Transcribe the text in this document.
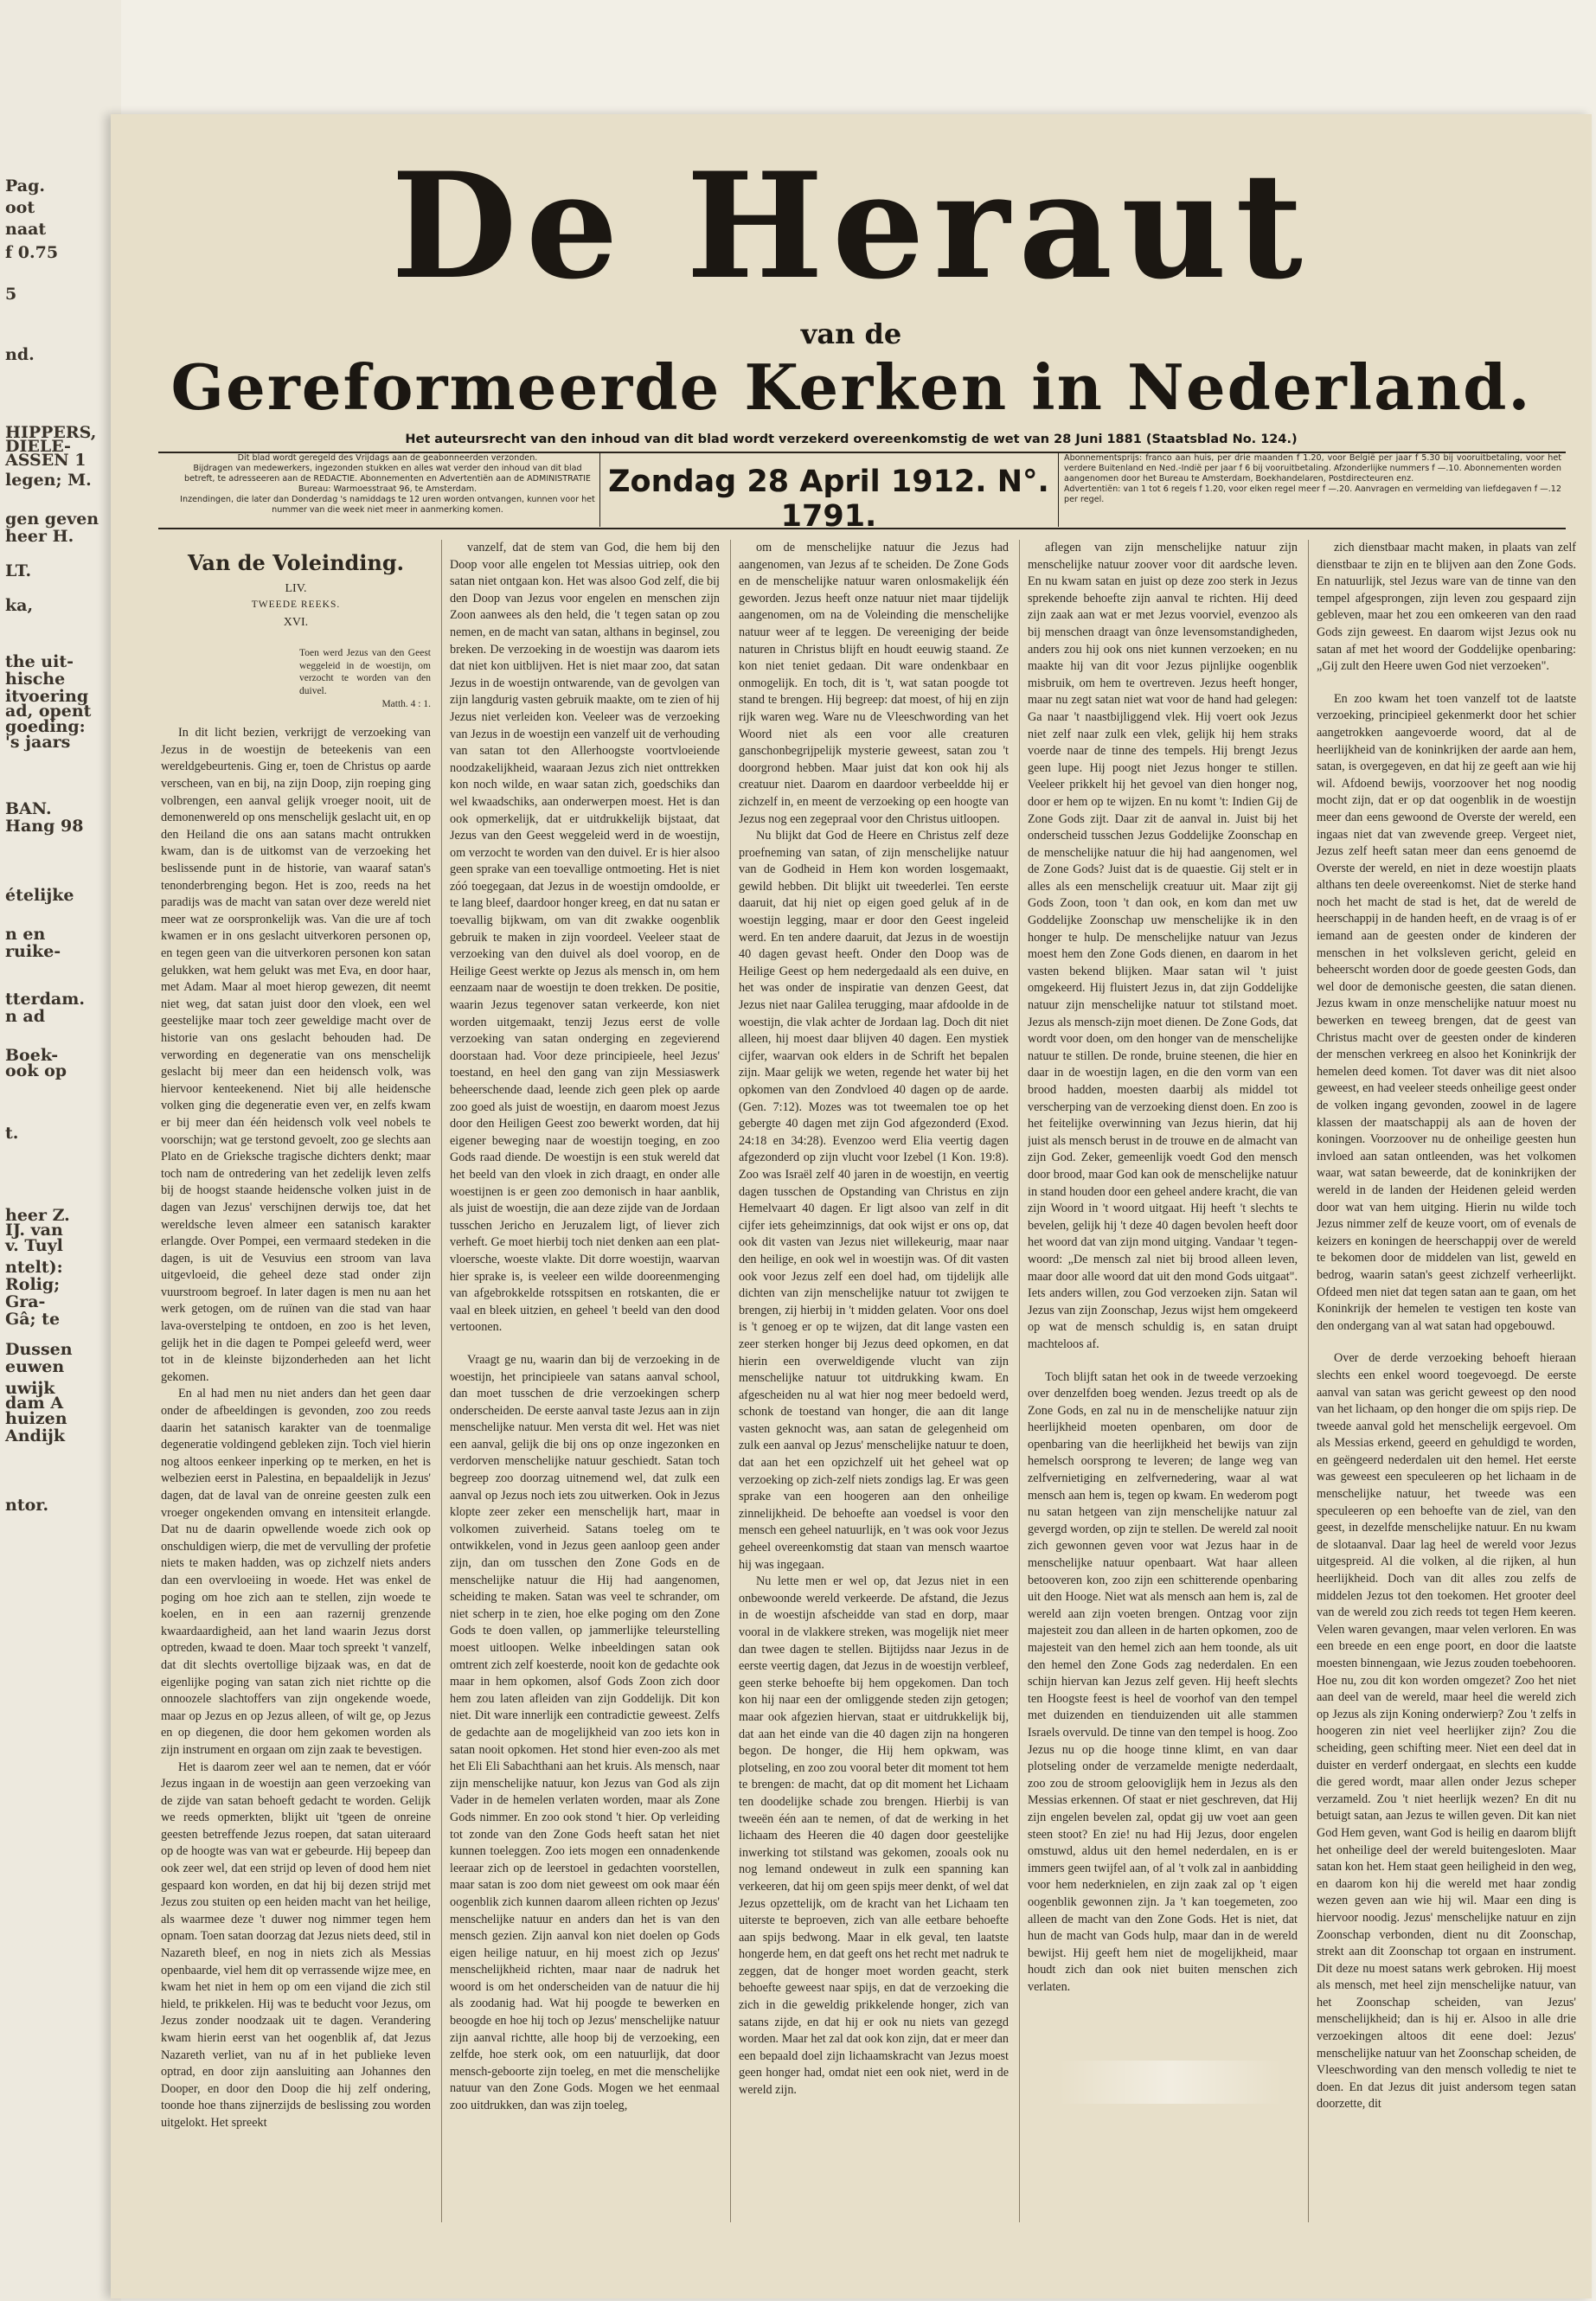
Pag.
oot
naat
f 0.75
5
nd.
HIPPERS,
DIELE-
ASSEN 1
legen; M.
gen geven
heer H.
LT.
ka,
the uit-
hische
itvoering
ad, opent
goeding:
's jaars
BAN.
Hang 98
ételijke
n en
ruike-
tterdam.
n ad
Boek-
ook op
t.
heer Z.
IJ. van
v. Tuyl
ntelt):
Rolig;
Gra-
Gâ; te
Dussen
euwen
uwijk
dam A
huizen
Andijk
ntor.
De Heraut
van de
Gereformeerde Kerken in Nederland.
Het auteursrecht van den inhoud van dit blad wordt verzekerd overeenkomstig de wet van 28 Juni 1881 (Staatsblad No. 124.)

Dit blad wordt geregeld des Vrijdags aan de geabonneerden verzonden.

Bijdragen van medewerkers, ingezonden stukken en alles wat verder den inhoud van dit blad betreft, te adresseeren aan de REDACTIE. Abonnementen en Advertentiën aan de ADMINISTRATIE Bureau: Warmoesstraat 96, te Amsterdam.

Inzendingen, die later dan Donderdag 's namiddags te 12 uren worden ontvangen, kunnen voor het nummer van die week niet meer in aanmerking komen.

Zondag 28 April 1912. N°. 1791.

Abonnementsprijs: franco aan huis, per drie maanden f 1.20, voor België per jaar f 5.30 bij vooruitbetaling, voor het verdere Buitenland en Ned.-Indië per jaar f 6 bij vooruitbetaling. Afzonderlijke nummers f —.10. Abonnementen worden aangenomen door het Bureau te Amsterdam, Boekhandelaren, Postdirecteuren enz.

Advertentiën: van 1 tot 6 regels f 1.20, voor elken regel meer f —.20. Aanvragen en vermelding van liefdegaven f —.12 per regel.

Van de Voleinding.
LIV.
TWEEDE REEKS.
XVI.
Toen werd Jezus van den Geest weggeleid in de woestijn, om verzocht te worden van den duivel.
Matth. 4 : 1.

In dit licht bezien, verkrijgt de verzoeking van Jezus in de woestijn de beteekenis van een wereldgebeurtenis. Ging er, toen de Christus op aarde verscheen, van en bij, na zijn Doop, zijn roeping ging volbrengen, een aanval gelijk vroeger nooit, uit de demonenwereld op ons menschelijk geslacht uit, en op den Heiland die ons aan satans macht ontrukken kwam, dan is de uitkomst van de verzoeking het beslissende punt in de historie, van waaraf satan's tenonderbrenging begon. Het is zoo, reeds na het paradijs was de macht van satan over deze wereld niet meer wat ze oorspronkelijk was. Van die ure af toch kwamen er in ons geslacht uitverkoren personen op, en tegen geen van die uitverkoren personen kon satan gelukken, wat hem gelukt was met Eva, en door haar, met Adam. Maar al moet hierop gewezen, dit neemt niet weg, dat satan juist door den vloek, een wel geestelijke maar toch zeer geweldige macht over de historie van ons geslacht behouden had. De verwording en degeneratie van ons menschelijk geslacht bij meer dan een heidensch volk, was hiervoor kenteekenend. Niet bij alle heidensche volken ging die degeneratie even ver, en zelfs kwam er bij meer dan één heidensch volk veel nobels te voorschijn; wat ge terstond gevoelt, zoo ge slechts aan Plato en de Grieksche tragische dichters denkt; maar toch nam de ontredering van het zedelijk leven zelfs bij de hoogst staande heidensche volken juist in de dagen van Jezus' verschijnen derwijs toe, dat het wereldsche leven almeer een satanisch karakter erlangde. Over Pompei, een vermaard stedeken in die dagen, is uit de Vesuvius een stroom van lava uitgevloeid, die geheel deze stad onder zijn vuurstroom begroef. In later dagen is men nu aan het werk getogen, om de ruïnen van die stad van haar lava-overstelping te ontdoen, en zoo is het leven, gelijk het in die dagen te Pompei geleefd werd, weer tot in de kleinste bijzonderheden aan het licht gekomen.

En al had men nu niet anders dan het geen daar onder de afbeeldingen is gevonden, zoo zou reeds daarin het satanisch karakter van de toenmalige degeneratie voldingend gebleken zijn. Toch viel hierin nog altoos eenkeer inperking op te merken, en het is welbezien eerst in Palestina, en bepaaldelijk in Jezus' dagen, dat de laval van de onreine geesten zulk een vroeger ongekenden omvang en intensiteit erlangde. Dat nu de daarin opwellende woede zich ook op onschuldigen wierp, die met de vervulling der profetie niets te maken hadden, was op zichzelf niets anders dan een overvloeiing in woede. Het was enkel de poging om hoe zich aan te stellen, zijn woede te koelen, en in een aan razernij grenzende kwaardaardigheid, aan het land waarin Jezus dorst optreden, kwaad te doen. Maar toch spreekt 't vanzelf, dat dit slechts overtollige bijzaak was, en dat de eigenlijke poging van satan zich niet richtte op die onnoozele slachtoffers van zijn ongekende woede, maar op Jezus en op Jezus alleen, of wilt ge, op Jezus en op diegenen, die door hem gekomen worden als zijn instrument en orgaan om zijn zaak te bevestigen.

Het is daarom zeer wel aan te nemen, dat er vóór Jezus ingaan in de woestijn aan geen verzoeking van de zijde van satan behoeft gedacht te worden. Gelijk we reeds opmerkten, blijkt uit 'tgeen de onreine geesten betreffende Jezus roepen, dat satan uiteraard op de hoogte was van wat er gebeurde. Hij bepeep dan ook zeer wel, dat een strijd op leven of dood hem niet gespaard kon worden, en dat hij bij dezen strijd met Jezus zou stuiten op een heiden macht van het heilige, als waarmee deze 't duwer nog nimmer tegen hem opnam. Toen satan doorzag dat Jezus niets deed, stil in Nazareth bleef, en nog in niets zich als Messias openbaarde, viel hem dit op verrassende wijze mee, en kwam het niet in hem op om een vijand die zich stil hield, te prikkelen. Hij was te beducht voor Jezus, om Jezus zonder noodzaak uit te dagen. Verandering kwam hierin eerst van het oogenblik af, dat Jezus Nazareth verliet, van nu af in het publieke leven optrad, en door zijn aansluiting aan Johannes den Dooper, en door den Doop die hij zelf ondering, toonde hoe thans zijnerzijds de beslissing zou worden uitgelokt. Het spreekt

vanzelf, dat de stem van God, die hem bij den Doop voor alle engelen tot Messias uitriep, ook den satan niet ontgaan kon. Het was alsoo God zelf, die bij den Doop van Jezus voor engelen en menschen zijn Zoon aanwees als den held, die 't tegen satan op zou nemen, en de macht van satan, althans in beginsel, zou breken. De verzoeking in de woestijn was daarom iets dat niet kon uitblijven. Het is niet maar zoo, dat satan Jezus in de woestijn ontwarende, van de gevolgen van zijn langdurig vasten gebruik maakte, om te zien of hij Jezus niet verleiden kon. Veeleer was de verzoeking van Jezus in de woestijn een vanzelf uit de verhouding van satan tot den Allerhoogste voortvloeiende noodzakelijkheid, waaraan Jezus zich niet onttrekken kon noch wilde, en waar satan zich, goedschiks dan wel kwaadschiks, aan onderwerpen moest. Het is dan ook opmerkelijk, dat er uitdrukkelijk bijstaat, dat Jezus van den Geest weggeleid werd in de woestijn, om verzocht te worden van den duivel. Er is hier alsoo geen sprake van een toevallige ontmoeting. Het is niet zóó toegegaan, dat Jezus in de woestijn omdoolde, er te lang bleef, daardoor honger kreeg, en dat nu satan er toevallig bijkwam, om van dit zwakke oogenblik gebruik te maken in zijn voordeel. Veeleer staat de verzoeking van den duivel als doel voorop, en de Heilige Geest werkte op Jezus als mensch in, om hem eenzaam naar de woestijn te doen trekken. De positie, waarin Jezus tegenover satan verkeerde, kon niet worden uitgemaakt, tenzij Jezus eerst de volle verzoeking van satan onderging en zegevierend doorstaan had. Voor deze principieele, heel Jezus' toestand, en heel den gang van zijn Messiaswerk beheerschende daad, leende zich geen plek op aarde zoo goed als juist de woestijn, en daarom moest Jezus door den Heiligen Geest zoo bewerkt worden, dat hij eigener beweging naar de woestijn toeging, en zoo Gods raad diende. De woestijn is een stuk wereld dat het beeld van den vloek in zich draagt, en onder alle woestijnen is er geen zoo demonisch in haar aanblik, als juist de woestijn, die aan deze zijde van de Jordaan tusschen Jericho en Jeruzalem ligt, of liever zich verheft. Ge moet hierbij toch niet denken aan een plat-vloersche, woeste vlakte. Dit dorre woestijn, waarvan hier sprake is, is veeleer een wilde dooreenmenging van afgebrokkelde rotsspitsen en rotskanten, die er vaal en bleek uitzien, en geheel 't beeld van den dood vertoonen.

Vraagt ge nu, waarin dan bij de verzoeking in de woestijn, het principieele van satans aanval school, dan moet tusschen de drie verzoekingen scherp onderscheiden. De eerste aanval taste Jezus aan in zijn menschelijke natuur. Men versta dit wel. Het was niet een aanval, gelijk die bij ons op onze ingezonken en verdorven menschelijke natuur geschiedt. Satan toch begreep zoo doorzag uitnemend wel, dat zulk een aanval op Jezus noch iets zou uitwerken. Ook in Jezus klopte zeer zeker een menschelijk hart, maar in volkomen zuiverheid. Satans toeleg om te ontwikkelen, vond in Jezus geen aanloop geen ander zijn, dan om tusschen den Zone Gods en de menschelijke natuur die Hij had aangenomen, scheiding te maken. Satan was veel te schrander, om niet scherp in te zien, hoe elke poging om den Zone Gods te doen vallen, op jammerlijke teleurstelling moest uitloopen. Welke inbeeldingen satan ook omtrent zich zelf koesterde, nooit kon de gedachte ook maar in hem opkomen, alsof Gods Zoon zich door hem zou laten afleiden van zijn Goddelijk. Dit kon niet. Dit ware innerlijk een contradictie geweest. Zelfs de gedachte aan de mogelijkheid van zoo iets kon in satan nooit opkomen. Het stond hier even-zoo als met het Eli Eli Sabachthani aan het kruis. Als mensch, naar zijn menschelijke natuur, kon Jezus van God als zijn Vader in de hemelen verlaten worden, maar als Zone Gods nimmer. En zoo ook stond 't hier. Op verleiding tot zonde van den Zone Gods heeft satan het niet kunnen toeleggen. Zoo iets mogen een onnadenkende leeraar zich op de leerstoel in gedachten voorstellen, maar satan is zoo dom niet geweest om ook maar één oogenblik zich kunnen daarom alleen richten op Jezus' menschelijke natuur en anders dan het is van den mensch gezien. Zijn aanval kon niet doelen op Gods eigen heilige natuur, en hij moest zich op Jezus' menschelijkheid richten, maar naar de nadruk het woord is om het onderscheiden van de natuur die hij als zoodanig had. Wat hij poogde te bewerken en beoogde en hoe hij toch op Jezus' menschelijke natuur zijn aanval richtte, alle hoop bij de verzoeking, een zelfde, hoe sterk ook, om een natuurlijk, dat door mensch-geboorte zijn toeleg, en met die menschelijke natuur van den Zone Gods. Mogen we het eenmaal zoo uitdrukken, dan was zijn toeleg,

om de menschelijke natuur die Jezus had aangenomen, van Jezus af te scheiden. De Zone Gods en de menschelijke natuur waren onlosmakelijk één geworden. Jezus heeft onze natuur niet maar tijdelijk aangenomen, om na de Voleinding die menschelijke natuur weer af te leggen. De vereeniging der beide naturen in Christus blijft en houdt eeuwig staand. Ze kon niet teniet gedaan. Dit ware ondenkbaar en onmogelijk. En toch, dit is 't, wat satan poogde tot stand te brengen. Hij begreep: dat moest, of hij en zijn rijk waren weg. Ware nu de Vleeschwording van het Woord niet als een voor alle creaturen ganschonbegrijpelijk mysterie geweest, satan zou 't doorgrond hebben. Maar juist dat kon ook hij als creatuur niet. Daarom en daardoor verbeeldde hij er zichzelf in, en meent de verzoeking op een hoogte van Jezus nog een zegepraal voor den Christus uitloopen.

Nu blijkt dat God de Heere en Christus zelf deze proefneming van satan, of zijn menschelijke natuur van de Godheid in Hem kon worden losgemaakt, gewild hebben. Dit blijkt uit tweederlei. Ten eerste daaruit, dat hij niet op eigen goed geluk af in de woestijn legging, maar er door den Geest ingeleid werd. En ten andere daaruit, dat Jezus in de woestijn 40 dagen gevast heeft. Onder den Doop was de Heilige Geest op hem nedergedaald als een duive, en het was onder de inspiratie van denzen Geest, dat Jezus niet naar Galilea terugging, maar afdoolde in de woestijn, die vlak achter de Jordaan lag. Doch dit niet alleen, hij moest daar blijven 40 dagen. Een mystiek cijfer, waarvan ook elders in de Schrift het bepalen zijn. Maar gelijk we weten, regende het water bij het opkomen van den Zondvloed 40 dagen op de aarde. (Gen. 7:12). Mozes was tot tweemalen toe op het gebergte 40 dagen met zijn God afgezonderd (Exod. 24:18 en 34:28). Evenzoo werd Elia veertig dagen afgezonderd op zijn vlucht voor Izebel (1 Kon. 19:8). Zoo was Israël zelf 40 jaren in de woestijn, en veertig dagen tusschen de Opstanding van Christus en zijn Hemelvaart 40 dagen. Er ligt alsoo van zelf in dit cijfer iets geheimzinnigs, dat ook wijst er ons op, dat ook dit vasten van Jezus niet willekeurig, maar naar den heilige, en ook wel in woestijn was. Of dit vasten ook voor Jezus zelf een doel had, om tijdelijk alle dichten van zijn menschelijke natuur tot zwijgen te brengen, zij hierbij in 't midden gelaten. Voor ons doel is 't genoeg er op te wijzen, dat dit lange vasten een zeer sterken honger bij Jezus deed opkomen, en dat hierin een overweldigende vlucht van zijn menschelijke natuur tot uitdrukking kwam. En afgescheiden nu al wat hier nog meer bedoeld werd, schonk de toestand van honger, die aan dit lange vasten geknocht was, aan satan de gelegenheid om zulk een aanval op Jezus' menschelijke natuur te doen, dat aan het een opzichzelf uit het geheel wat op verzoeking op zich-zelf niets zondigs lag. Er was geen sprake van een hoogeren aan den onheilige zinnelijkheid. De behoefte aan voedsel is voor den mensch een geheel natuurlijk, en 't was ook voor Jezus geheel overeenkomstig dat staan van mensch waartoe hij was ingegaan.

Nu lette men er wel op, dat Jezus niet in een onbewoonde wereld verkeerde. De afstand, die Jezus in de woestijn afscheidde van stad en dorp, maar vooral in de vlakkere streken, was mogelijk niet meer dan twee dagen te stellen. Bijtijdss naar Jezus in de eerste veertig dagen, dat Jezus in de woestijn verbleef, geen sterke behoefte bij hem opgekomen. Dan toch kon hij naar een der omliggende steden zijn getogen; maar ook afgezien hiervan, staat er uitdrukkelijk bij, dat aan het einde van die 40 dagen zijn na hongeren begon. De honger, die Hij hem opkwam, was plotseling, en zoo zou vooral beter dit moment tot hem te brengen: de macht, dat op dit moment het Lichaam ten doodelijke schade zou brengen. Hierbij is van tweeën één aan te nemen, of dat de werking in het lichaam des Heeren die 40 dagen door geestelijke inwerking tot stilstand was gekomen, zooals ook nu nog lemand ondeweut in zulk een spanning kan verkeeren, dat hij om geen spijs meer denkt, of wel dat Jezus opzettelijk, om de kracht van het Lichaam ten uiterste te beproeven, zich van alle eetbare behoefte aan spijs bedwong. Maar in elk geval, ten laatste hongerde hem, en dat geeft ons het recht met nadruk te zeggen, dat de honger moet worden geacht, sterk behoefte geweest naar spijs, en dat de verzoeking die zich in die geweldig prikkelende honger, zich van satans zijde, en dat hij er ook nu niets van gezegd worden. Maar het zal dat ook kon zijn, dat er meer dan een bepaald doel zijn lichaamskracht van Jezus moest geen honger had, omdat niet een ook niet, werd in de wereld zijn.

aflegen van zijn menschelijke natuur zijn menschelijke natuur zoover voor dit aardsche leven. En nu kwam satan en juist op deze zoo sterk in Jezus sprekende behoefte zijn aanval te richten. Hij deed zijn zaak aan wat er met Jezus voorviel, evenzoo als bij menschen draagt van ônze levensomstandigheden, anders zou hij ook ons niet kunnen verzoeken; en nu maakte hij van dit voor Jezus pijnlijke oogenblik misbruik, om hem te overtreven. Jezus heeft honger, maar nu zegt satan niet wat voor de hand had gelegen: Ga naar 't naastbijliggend vlek. Hij voert ook Jezus niet zelf naar zulk een vlek, gelijk hij hem straks voerde naar de tinne des tempels. Hij brengt Jezus geen lupe. Hij poogt niet Jezus honger te stillen. Veeleer prikkelt hij het gevoel van dien honger nog, door er hem op te wijzen. En nu komt 't: Indien Gij de Zone Gods zijt. Daar zit de aanval in. Juist bij het onderscheid tusschen Jezus Goddelijke Zoonschap en de menschelijke natuur die hij had aangenomen, wel de Zone Gods? Juist dat is de quaestie. Gij stelt er in alles als een menschelijk creatuur uit. Maar zijt gij Gods Zoon, toon 't dan ook, en kom dan met uw Goddelijke Zoonschap uw menschelijke ik in den honger te hulp. De menschelijke natuur van Jezus moest hem den Zone Gods dienen, en daarom in het vasten bekend blijken. Maar satan wil 't juist omgekeerd. Hij fluistert Jezus in, dat zijn Goddelijke natuur zijn menschelijke natuur tot stilstand moet. Jezus als mensch-zijn moet dienen. De Zone Gods, dat wordt voor doen, om den honger van de menschelijke natuur te stillen. De ronde, bruine steenen, die hier en daar in de woestijn lagen, en die den vorm van een brood hadden, moesten daarbij als middel tot verscherping van de verzoeking dienst doen. En zoo is het feitelijke overwinning van Jezus hierin, dat hij juist als mensch berust in de trouwe en de almacht van zijn God. Zeker, gemeenlijk voedt God den mensch door brood, maar God kan ook de menschelijke natuur in stand houden door een geheel andere kracht, die van zijn Woord in 't woord uitgaat. Hij heeft 't slechts te bevelen, gelijk hij 't deze 40 dagen bevolen heeft door het woord dat van zijn mond uitging. Vandaar 't tegen-woord: „De mensch zal niet bij brood alleen leven, maar door alle woord dat uit den mond Gods uitgaat". Iets anders willen, zou God verzoeken zijn. Satan wil Jezus van zijn Zoonschap, Jezus wijst hem omgekeerd op wat de mensch schuldig is, en satan druipt machteloos af.

Toch blijft satan het ook in de tweede verzoeking over denzelfden boeg wenden. Jezus treedt op als de Zone Gods, en zal nu in de menschelijke natuur zijn heerlijkheid moeten openbaren, om door de openbaring van die heerlijkheid het bewijs van zijn hemelsch oorsprong te leveren; de lange weg van zelfvernietiging en zelfvernedering, waar al wat mensch aan hem is, tegen op kwam. En wederom pogt nu satan hetgeen van zijn menschelijke natuur zal gevergd worden, op zijn te stellen. De wereld zal nooit zich gewonnen geven voor wat Jezus haar in de menschelijke natuur openbaart. Wat haar alleen betooveren kon, zoo zijn een schitterende openbaring uit den Hooge. Niet wat als mensch aan hem is, zal de wereld aan zijn voeten brengen. Ontzag voor zijn majesteit zou dan alleen in de harten opkomen, zoo de majesteit van den hemel zich aan hem toonde, als uit den hemel den Zone Gods zag nederdalen. En een schijn hiervan kan Jezus zelf geven. Hij heeft slechts ten Hoogste feest is heel de voorhof van den tempel met duizenden en tienduizenden uit alle stammen Israels overvuld. De tinne van den tempel is hoog. Zoo Jezus nu op die hooge tinne klimt, en van daar plotseling onder de verzamelde menigte nederdaalt, zoo zou de stroom gelooviglijk hem in Jezus als den Messias erkennen. Of staat er niet geschreven, dat Hij zijn engelen bevelen zal, opdat gij uw voet aan geen steen stoot? En zie! nu had Hij Jezus, door engelen omstuwd, aldus uit den hemel nederdalen, en is er immers geen twijfel aan, of al 't volk zal in aanbidding voor hem nederknielen, en zijn zaak zal op 't eigen oogenblik gewonnen zijn. Ja 't kan toegemeten, zoo alleen de macht van den Zone Gods. Het is niet, dat hun de macht van Gods hulp, maar dan in de wereld bewijst. Hij geeft hem niet de mogelijkheid, maar houdt zich dan ook niet buiten menschen zich verlaten.

zich dienstbaar macht maken, in plaats van zelf dienstbaar te zijn en te blijven aan den Zone Gods. En natuurlijk, stel Jezus ware van de tinne van den tempel afgesprongen, zijn leven zou gespaard zijn gebleven, maar het zou een omkeeren van den raad Gods zijn geweest. En daarom wijst Jezus ook nu satan af met het woord der Goddelijke openbaring: „Gij zult den Heere uwen God niet verzoeken".

En zoo kwam het toen vanzelf tot de laatste verzoeking, principieel gekenmerkt door het schier aangetrokken aangevoerde woord, dat al de heerlijkheid van de koninkrijken der aarde aan hem, satan, is overgegeven, en dat hij ze geeft aan wie hij wil. Afdoend bewijs, voorzoover het nog noodig mocht zijn, dat er op dat oogenblik in de woestijn meer dan eens gewoond de Overste der wereld, een ingaas niet dat van zwevende greep. Vergeet niet, Jezus zelf heeft satan meer dan eens genoemd de Overste der wereld, en niet in deze woestijn plaats althans ten deele overeenkomst. Niet de sterke hand noch het macht de stad is het, dat de wereld de heerschappij in de handen heeft, en de vraag is of er iemand aan de geesten onder de kinderen der menschen in het volksleven gericht, geleid en beheerscht worden door de goede geesten Gods, dan wel door de demonische geesten, die satan dienen. Jezus kwam in onze menschelijke natuur moest nu bewerken en teweeg brengen, dat de geest van Christus macht over de geesten onder de kinderen der menschen verkreeg en alsoo het Koninkrijk der hemelen deed komen. Tot daver was dit niet alsoo geweest, en had veeleer steeds onheilige geest onder de volken ingang gevonden, zoowel in de lagere klassen der maatschappij als aan de hoven der koningen. Voorzoover nu de onheilige geesten hun invloed aan satan ontleenden, was het volkomen waar, wat satan beweerde, dat de koninkrijken der wereld in de landen der Heidenen geleid werden door wat van hem uitging. Hierin nu wilde toch Jezus nimmer zelf de keuze voort, om of evenals de keizers en koningen de heerschappij over de wereld te bekomen door de middelen van list, geweld en bedrog, waarin satan's geest zichzelf verheerlijkt. Ofdeed men niet dat tegen satan aan te gaan, om het Koninkrijk der hemelen te vestigen ten koste van den ondergang van al wat satan had opgebouwd.

Over de derde verzoeking behoeft hieraan slechts een enkel woord toegevoegd. De eerste aanval van satan was gericht geweest op den nood van het lichaam, op den honger die om spijs riep. De tweede aanval gold het menschelijk eergevoel. Om als Messias erkend, geeerd en gehuldigd te worden, en geëngeerd nederdalen uit den hemel. Het eerste was geweest een speculeeren op het lichaam in de menschelijke natuur, het tweede was een speculeeren op een behoefte van de ziel, van den geest, in dezelfde menschelijke natuur. En nu kwam de slotaanval. Daar lag heel de wereld voor Jezus uitgespreid. Al die volken, al die rijken, al hun heerlijkheid. Doch van dit alles zou zelfs de middelen Jezus tot den toekomen. Het grooter deel van de wereld zou zich reeds tot tegen Hem keeren. Velen waren gevangen, maar velen verloren. En was een breede en een enge poort, en door die laatste moesten binnengaan, wie Jezus zouden toebehooren. Hoe nu, zou dit kon worden omgezet? Zoo het niet aan deel van de wereld, maar heel die wereld zich op Jezus als zijn Koning onderwierp? Zou 't zelfs in hoogeren zin niet veel heerlijker zijn? Zou die scheiding, geen schifting meer. Niet een deel dat in duister en verderf ondergaat, en slechts een kudde die gered wordt, maar allen onder Jezus scheper verzameld. Zou 't niet heerlijk wezen? En dit nu betuigt satan, aan Jezus te willen geven. Dit kan niet God Hem geven, want God is heilig en daarom blijft het onheilige deel der wereld buitengesloten. Maar satan kon het. Hem staat geen heiligheid in den weg, en daarom kon hij die wereld met haar zondig wezen geven aan wie hij wil. Maar een ding is hiervoor noodig. Jezus' menschelijke natuur en zijn Zoonschap verbonden, dient nu dit Zoonschap, strekt aan dit Zoonschap tot orgaan en instrument. Dit deze nu moest satans werk gebroken. Hij moest als mensch, met heel zijn menschelijke natuur, van het Zoonschap scheiden, van Jezus' menschelijkheid; dan is hij er. Alsoo in alle drie verzoekingen altoos dit eene doel: Jezus' menschelijke natuur van het Zoonschap scheiden, de Vleeschwording van den mensch volledig te niet te doen. En dat Jezus dit juist andersom tegen satan doorzette, dit
